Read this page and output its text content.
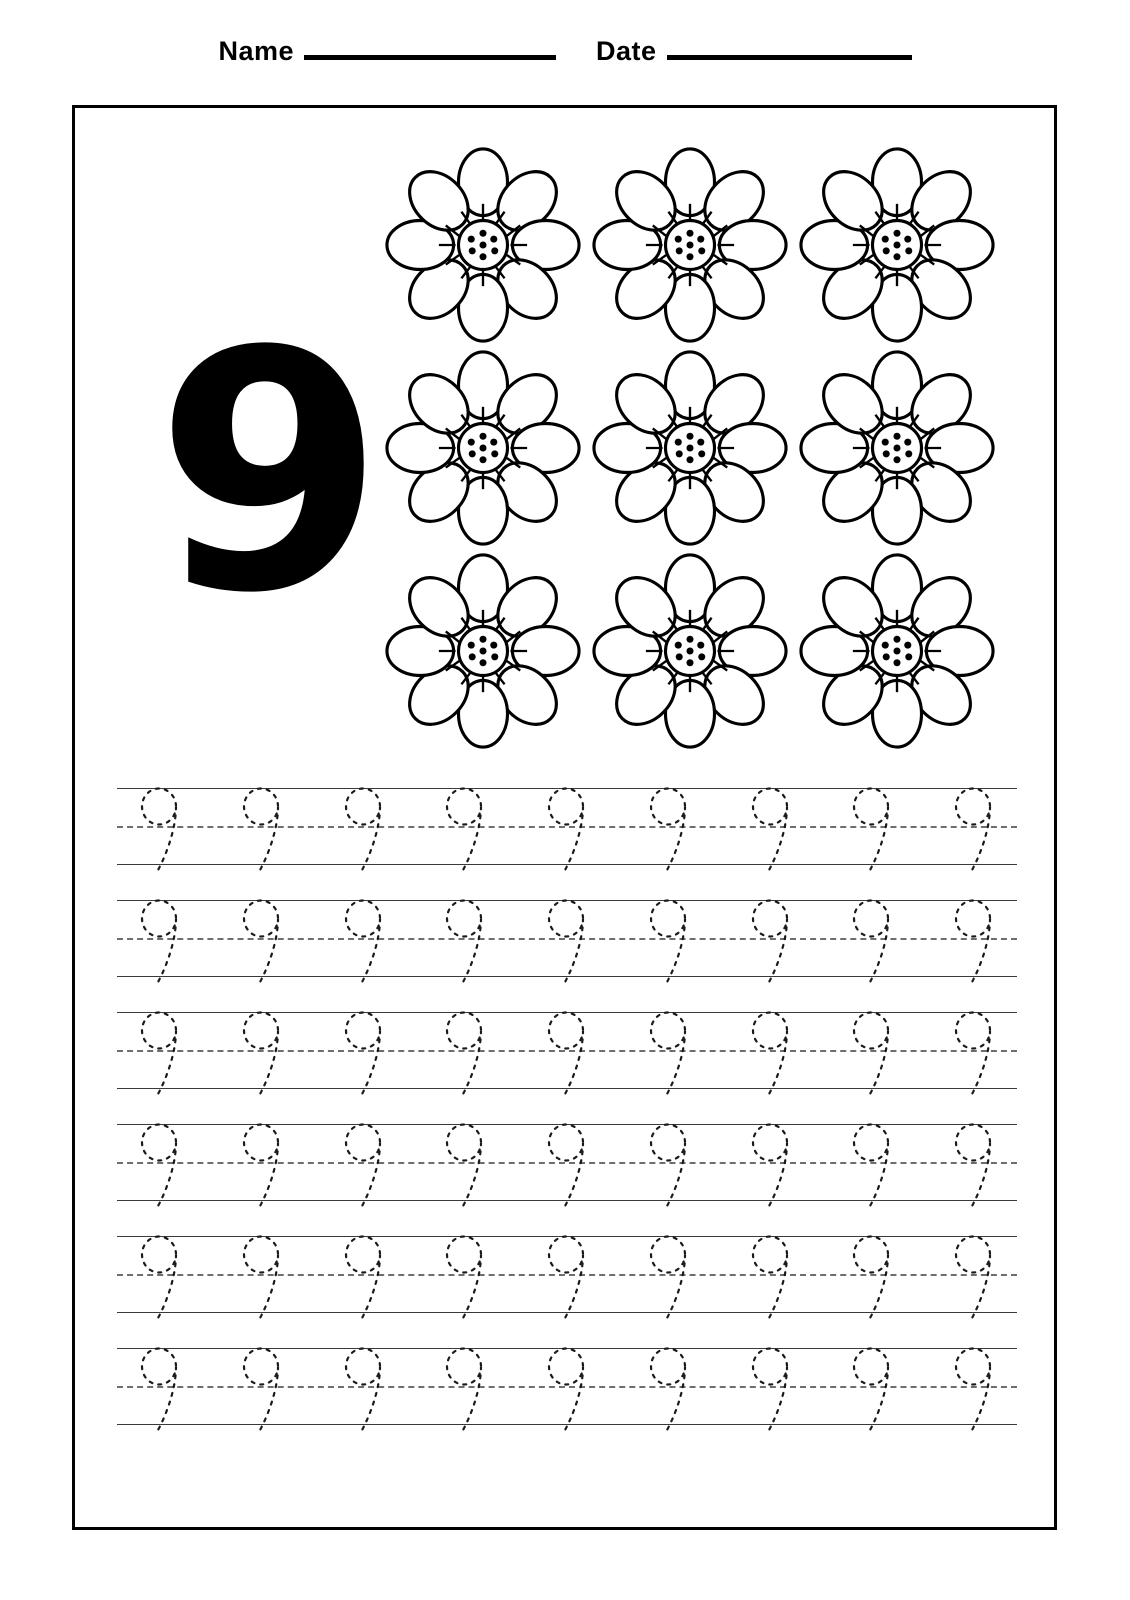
Name	Date
9
